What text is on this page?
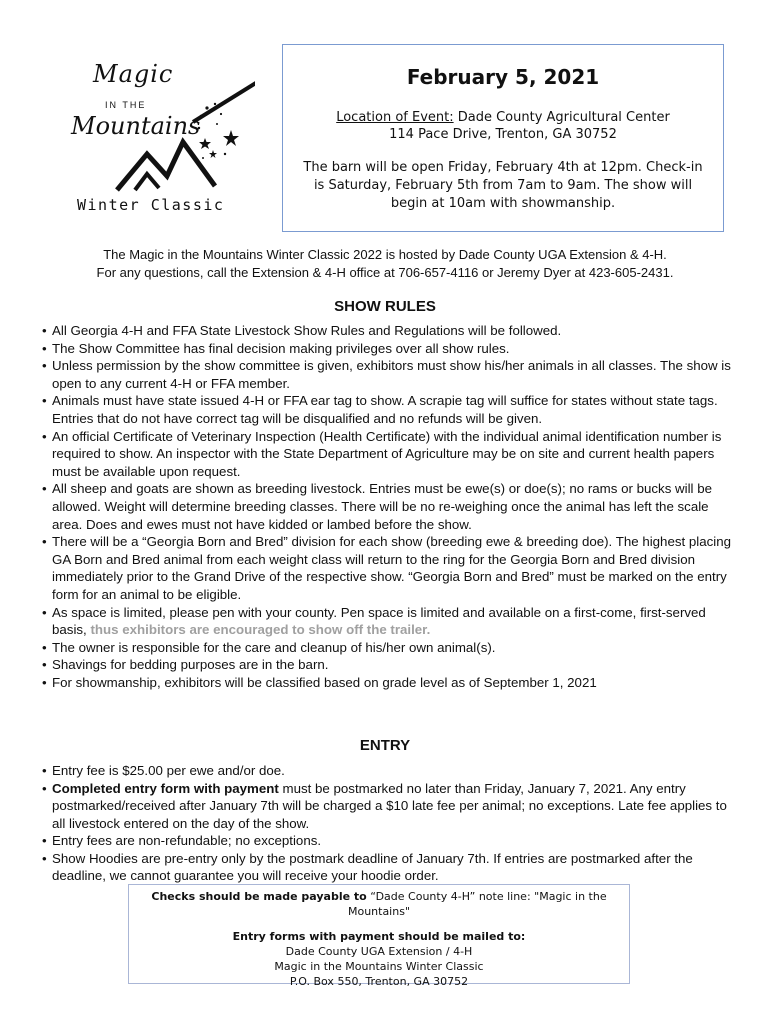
Magic
IN THE
Mountains
Winter Classic
February 5, 2021
Location of Event: Dade County Agricultural Center
114 Pace Drive, Trenton, GA 30752
The barn will be open Friday, February 4th at 12pm. Check-in is Saturday, February 5th from 7am to 9am. The show will begin at 10am with showmanship.
The Magic in the Mountains Winter Classic 2022 is hosted by Dade County UGA Extension & 4-H.
For any questions, call the Extension & 4-H office at 706-657-4116 or Jeremy Dyer at 423-605-2431.
SHOW RULES
• All Georgia 4-H and FFA State Livestock Show Rules and Regulations will be followed.
• The Show Committee has final decision making privileges over all show rules.
• Unless permission by the show committee is given, exhibitors must show his/her animals in all classes. The show is open to any current 4-H or FFA member.
• Animals must have state issued 4-H or FFA ear tag to show. A scrapie tag will suffice for states without state tags. Entries that do not have correct tag will be disqualified and no refunds will be given.
• An official Certificate of Veterinary Inspection (Health Certificate) with the individual animal identification number is required to show. An inspector with the State Department of Agriculture may be on site and current health papers must be available upon request.
• All sheep and goats are shown as breeding livestock. Entries must be ewe(s) or doe(s); no rams or bucks will be allowed. Weight will determine breeding classes. There will be no re-weighing once the animal has left the scale area. Does and ewes must not have kidded or lambed before the show.
• There will be a “Georgia Born and Bred” division for each show (breeding ewe & breeding doe). The highest placing GA Born and Bred animal from each weight class will return to the ring for the Georgia Born and Bred division immediately prior to the Grand Drive of the respective show. “Georgia Born and Bred” must be marked on the entry form for an animal to be eligible.
• As space is limited, please pen with your county. Pen space is limited and available on a first-come, first-served basis, thus exhibitors are encouraged to show off the trailer.
• The owner is responsible for the care and cleanup of his/her own animal(s).
• Shavings for bedding purposes are in the barn.
• For showmanship, exhibitors will be classified based on grade level as of September 1, 2021
ENTRY
• Entry fee is $25.00 per ewe and/or doe.
• Completed entry form with payment must be postmarked no later than Friday, January 7, 2021. Any entry postmarked/received after January 7th will be charged a $10 late fee per animal; no exceptions. Late fee applies to all livestock entered on the day of the show.
• Entry fees are non-refundable; no exceptions.
• Show Hoodies are pre-entry only by the postmark deadline of January 7th. If entries are postmarked after the deadline, we cannot guarantee you will receive your hoodie order.
Checks should be made payable to “Dade County 4-H” note line: "Magic in the Mountains"
Entry forms with payment should be mailed to:
Dade County UGA Extension / 4-H
Magic in the Mountains Winter Classic
P.O. Box 550, Trenton, GA 30752
